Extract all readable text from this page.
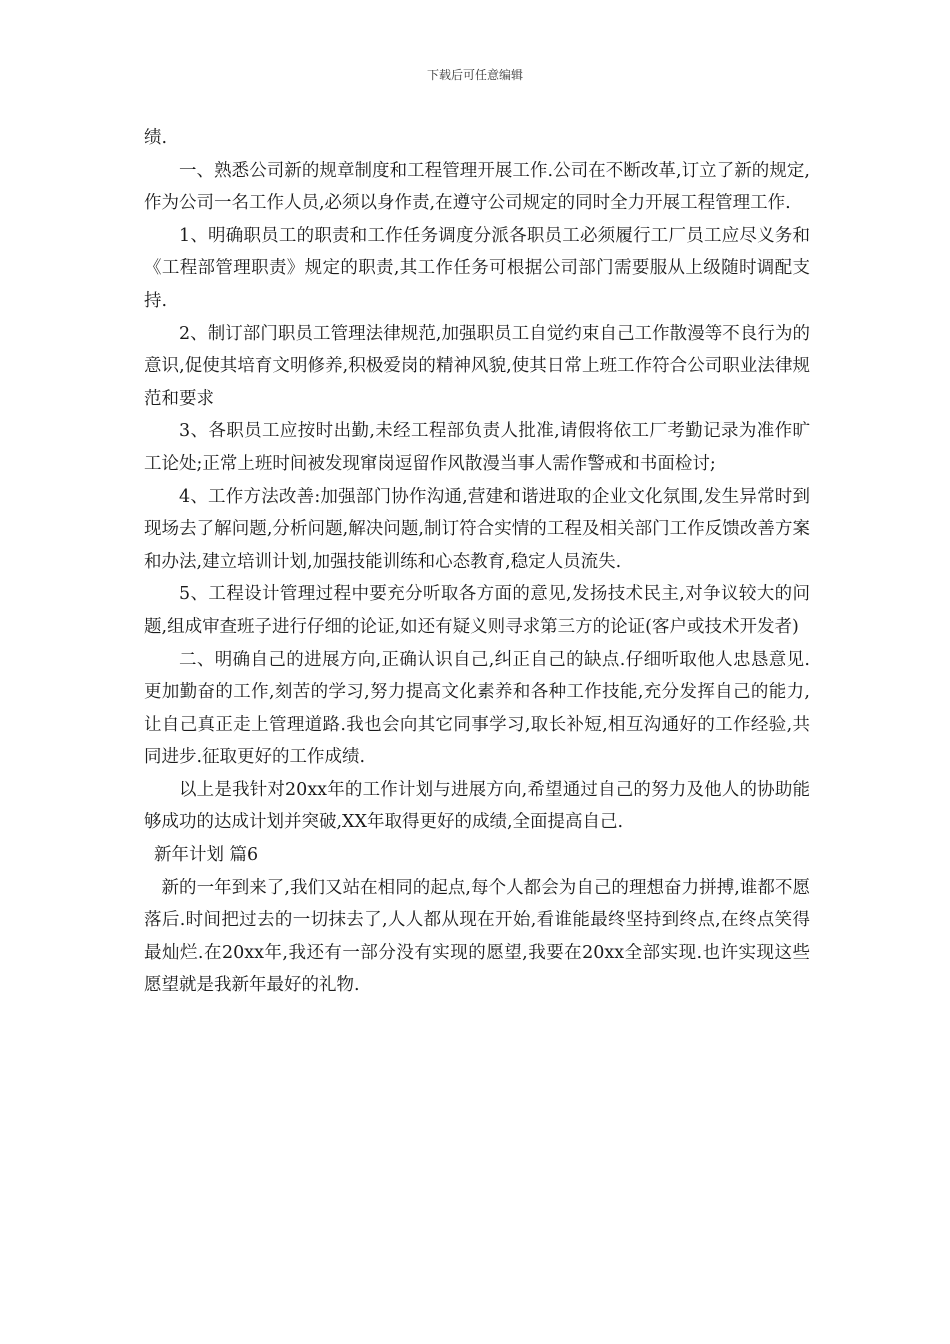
下载后可任意编辑

绩.

一、熟悉公司新的规章制度和工程管理开展工作.公司在不断改革,订立了新的规定,作为公司一名工作人员,必须以身作责,在遵守公司规定的同时全力开展工程管理工作.

1、明确职员工的职责和工作任务调度分派各职员工必须履行工厂员工应尽义务和《工程部管理职责》规定的职责,其工作任务可根据公司部门需要服从上级随时调配支持.

2、制订部门职员工管理法律规范,加强职员工自觉约束自己工作散漫等不良行为的意识,促使其培育文明修养,积极爱岗的精神风貌,使其日常上班工作符合公司职业法律规范和要求

3、各职员工应按时出勤,未经工程部负责人批准,请假将依工厂考勤记录为准作旷工论处;正常上班时间被发现窜岗逗留作风散漫当事人需作警戒和书面检讨;

4、工作方法改善:加强部门协作沟通,营建和谐进取的企业文化氛围,发生异常时到现场去了解问题,分析问题,解决问题,制订符合实情的工程及相关部门工作反馈改善方案和办法,建立培训计划,加强技能训练和心态教育,稳定人员流失.

5、工程设计管理过程中要充分听取各方面的意见,发扬技术民主,对争议较大的问题,组成审查班子进行仔细的论证,如还有疑义则寻求第三方的论证(客户或技术开发者)

二、明确自己的进展方向,正确认识自己,纠正自己的缺点.仔细听取他人忠恳意见.更加勤奋的工作,刻苦的学习,努力提高文化素养和各种工作技能,充分发挥自己的能力,让自己真正走上管理道路.我也会向其它同事学习,取长补短,相互沟通好的工作经验,共同进步.征取更好的工作成绩.

以上是我针对20xx年的工作计划与进展方向,希望通过自己的努力及他人的协助能够成功的达成计划并突破,XX年取得更好的成绩,全面提高自己.

新年计划 篇6

新的一年到来了,我们又站在相同的起点,每个人都会为自己的理想奋力拼搏,谁都不愿落后.时间把过去的一切抹去了,人人都从现在开始,看谁能最终坚持到终点,在终点笑得最灿烂.在20xx年,我还有一部分没有实现的愿望,我要在20xx全部实现.也许实现这些愿望就是我新年最好的礼物.
